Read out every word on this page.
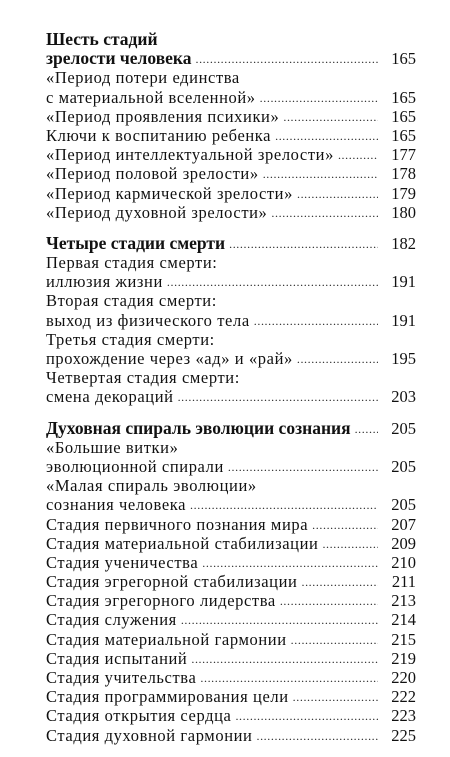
Шесть стадий
зрелости человека . . .	165
«Период потери единства
с материальной вселенной» . . .	165
«Период проявления психики» . . .	165
Ключи к воспитанию ребенка . . .	165
«Период интеллектуальной зрелости» . . .	177
«Период половой зрелости» . . .	178
«Период кармической зрелости» . . .	179
«Период духовной зрелости» . . .	180
Четыре стадии смерти . . .	182
Первая стадия смерти:
иллюзия жизни . . .	191
Вторая стадия смерти:
выход из физического тела . . .	191
Третья стадия смерти:
прохождение через «ад» и «рай» . . .	195
Четвертая стадия смерти:
смена декораций . . .	203
Духовная спираль эволюции сознания . . .	205
«Большие витки»
эволюционной спирали . . .	205
«Малая спираль эволюции»
сознания человека . . .	205
Стадия первичного познания мира . . .	207
Стадия материальной стабилизации . . .	209
Стадия ученичества . . .	210
Стадия эгрегорной стабилизации . . .	211
Стадия эгрегорного лидерства . . .	213
Стадия служения . . .	214
Стадия материальной гармонии . . .	215
Стадия испытаний . . .	219
Стадия учительства . . .	220
Стадия программирования цели . . .	222
Стадия открытия сердца . . .	223
Стадия духовной гармонии . . .	225
